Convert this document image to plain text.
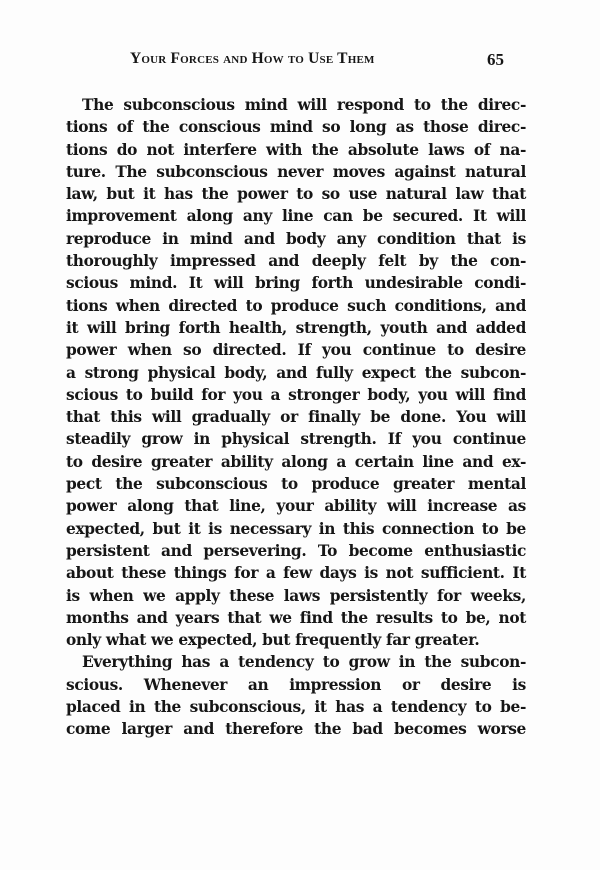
Your Forces and How to Use Them	65
The subconscious mind will respond to the direc-
tions of the conscious mind so long as those direc-
tions do not interfere with the absolute laws of na-
ture. The subconscious never moves against natural
law, but it has the power to so use natural law that
improvement along any line can be secured. It will
reproduce in mind and body any condition that is
thoroughly impressed and deeply felt by the con-
scious mind. It will bring forth undesirable condi-
tions when directed to produce such conditions, and
it will bring forth health, strength, youth and added
power when so directed. If you continue to desire
a strong physical body, and fully expect the subcon-
scious to build for you a stronger body, you will find
that this will gradually or finally be done. You will
steadily grow in physical strength. If you continue
to desire greater ability along a certain line and ex-
pect the subconscious to produce greater mental
power along that line, your ability will increase as
expected, but it is necessary in this connection to be
persistent and persevering. To become enthusiastic
about these things for a few days is not sufficient. It
is when we apply these laws persistently for weeks,
months and years that we find the results to be, not
only what we expected, but frequently far greater.
Everything has a tendency to grow in the subcon-
scious. Whenever an impression or desire is
placed in the subconscious, it has a tendency to be-
come larger and therefore the bad becomes worse
